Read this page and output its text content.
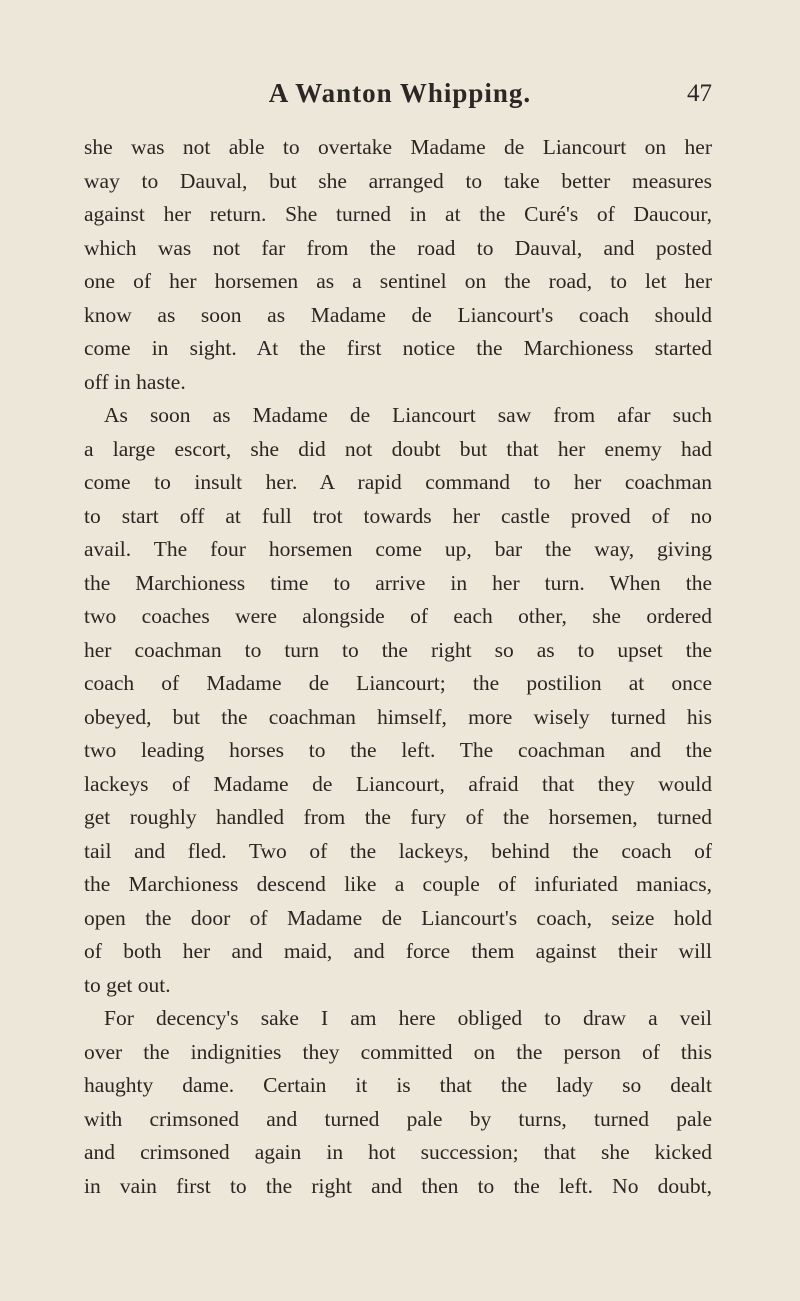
A Wanton Whipping.	47
she was not able to overtake Madame de Liancourt on her
way to Dauval, but she arranged to take better measures
against her return. She turned in at the Curé's of Daucour,
which was not far from the road to Dauval, and posted
one of her horsemen as a sentinel on the road, to let her
know as soon as Madame de Liancourt's coach should
come in sight. At the first notice the Marchioness started
off in haste.
As soon as Madame de Liancourt saw from afar such
a large escort, she did not doubt but that her enemy had
come to insult her. A rapid command to her coachman
to start off at full trot towards her castle proved of no
avail. The four horsemen come up, bar the way, giving
the Marchioness time to arrive in her turn. When the
two coaches were alongside of each other, she ordered
her coachman to turn to the right so as to upset the
coach of Madame de Liancourt; the postilion at once
obeyed, but the coachman himself, more wisely turned his
two leading horses to the left. The coachman and the
lackeys of Madame de Liancourt, afraid that they would
get roughly handled from the fury of the horsemen, turned
tail and fled. Two of the lackeys, behind the coach of
the Marchioness descend like a couple of infuriated maniacs,
open the door of Madame de Liancourt's coach, seize hold
of both her and maid, and force them against their will
to get out.
For decency's sake I am here obliged to draw a veil
over the indignities they committed on the person of this
haughty dame. Certain it is that the lady so dealt
with crimsoned and turned pale by turns, turned pale
and crimsoned again in hot succession; that she kicked
in vain first to the right and then to the left. No doubt,
